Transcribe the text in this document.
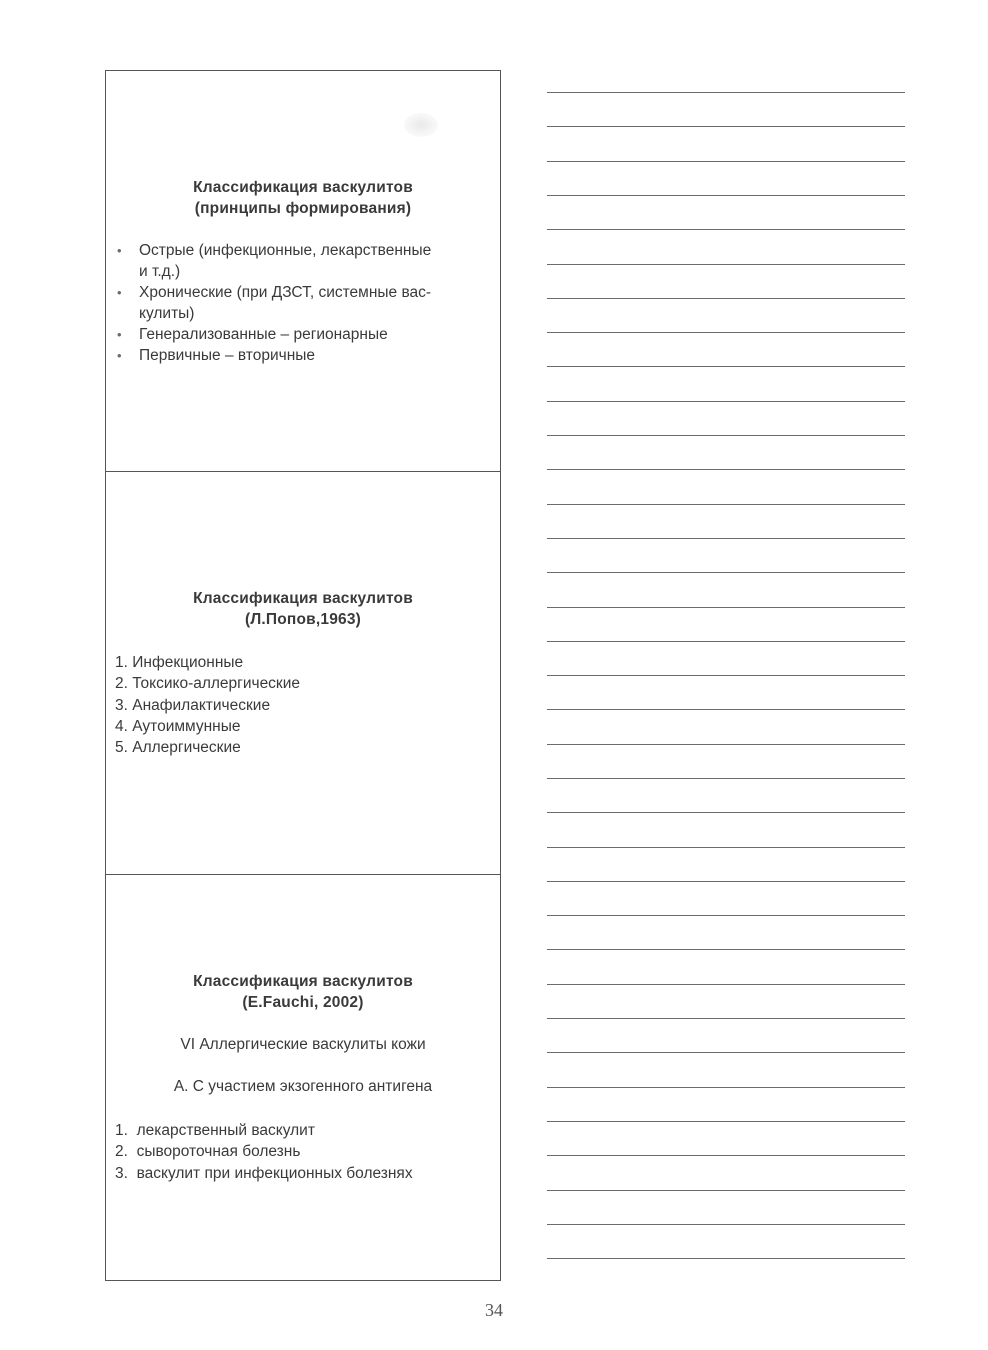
Классификация васкулитов
(принципы формирования)
• Острые (инфекционные, лекарственные
и т.д.)
• Хронические (при ДЗСТ, системные вас-
кулиты)
• Генерализованные – регионарные
• Первичные – вторичные
Классификация васкулитов
(Л.Попов,1963)
1. Инфекционные
2. Токсико-аллергические
3. Анафилактические
4. Аутоиммунные
5. Аллергические
Классификация васкулитов
(E.Fauchi, 2002)
VI Аллергические васкулиты кожи
А. С участием экзогенного антигена
1. лекарственный васкулит
2. сывороточная болезнь
3. васкулит при инфекционных болезнях
34
